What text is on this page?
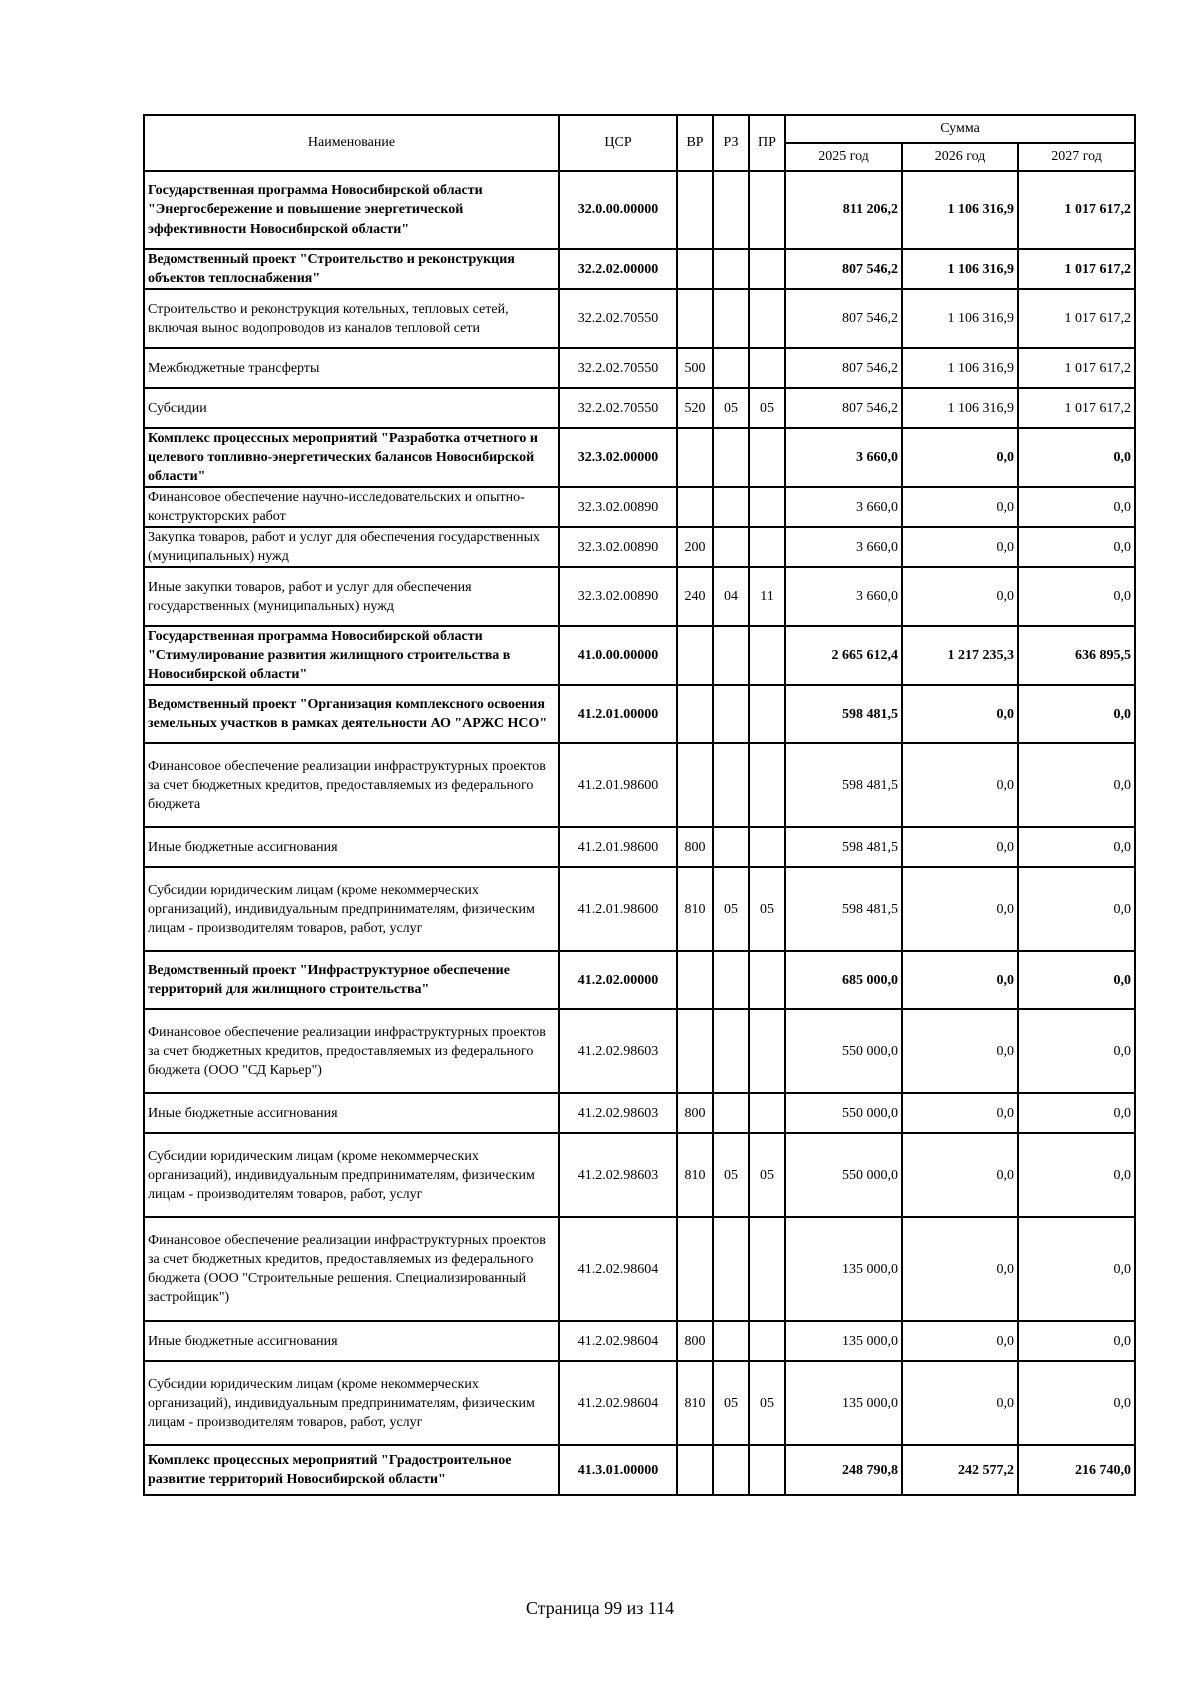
Наименование	ЦСР	ВР	РЗ	ПР	Сумма		
					2025 год	2026 год	2027 год
Государственная программа Новосибирской области "Энергосбережение и повышение энергетической эффективности Новосибирской области"	32.0.00.00000				811 206,2	1 106 316,9	1 017 617,2
Ведомственный проект "Строительство и реконструкция объектов теплоснабжения"	32.2.02.00000				807 546,2	1 106 316,9	1 017 617,2
Строительство и реконструкция котельных, тепловых сетей, включая вынос водопроводов из каналов тепловой сети	32.2.02.70550				807 546,2	1 106 316,9	1 017 617,2
Межбюджетные трансферты	32.2.02.70550	500			807 546,2	1 106 316,9	1 017 617,2
Субсидии	32.2.02.70550	520	05	05	807 546,2	1 106 316,9	1 017 617,2
Комплекс процессных мероприятий "Разработка отчетного и целевого топливно-энергетических балансов Новосибирской области"	32.3.02.00000				3 660,0	0,0	0,0
Финансовое обеспечение научно-исследовательских и опытно-конструкторских работ	32.3.02.00890				3 660,0	0,0	0,0
Закупка товаров, работ и услуг для обеспечения государственных (муниципальных) нужд	32.3.02.00890	200			3 660,0	0,0	0,0
Иные закупки товаров, работ и услуг для обеспечения государственных (муниципальных) нужд	32.3.02.00890	240	04	11	3 660,0	0,0	0,0
Государственная программа Новосибирской области "Стимулирование развития жилищного строительства в Новосибирской области"	41.0.00.00000				2 665 612,4	1 217 235,3	636 895,5
Ведомственный проект "Организация комплексного освоения земельных участков в рамках деятельности АО "АРЖС НСО"	41.2.01.00000				598 481,5	0,0	0,0
Финансовое обеспечение реализации инфраструктурных проектов за счет бюджетных кредитов, предоставляемых из федерального бюджета	41.2.01.98600				598 481,5	0,0	0,0
Иные бюджетные ассигнования	41.2.01.98600	800			598 481,5	0,0	0,0
Субсидии юридическим лицам (кроме некоммерческих организаций), индивидуальным предпринимателям, физическим лицам - производителям товаров, работ, услуг	41.2.01.98600	810	05	05	598 481,5	0,0	0,0
Ведомственный проект "Инфраструктурное обеспечение территорий для жилищного строительства"	41.2.02.00000				685 000,0	0,0	0,0
Финансовое обеспечение реализации инфраструктурных проектов за счет бюджетных кредитов, предоставляемых из федерального бюджета (ООО "СД Карьер")	41.2.02.98603				550 000,0	0,0	0,0
Иные бюджетные ассигнования	41.2.02.98603	800			550 000,0	0,0	0,0
Субсидии юридическим лицам (кроме некоммерческих организаций), индивидуальным предпринимателям, физическим лицам - производителям товаров, работ, услуг	41.2.02.98603	810	05	05	550 000,0	0,0	0,0
Финансовое обеспечение реализации инфраструктурных проектов за счет бюджетных кредитов, предоставляемых из федерального бюджета (ООО "Строительные решения. Специализированный застройщик")	41.2.02.98604				135 000,0	0,0	0,0
Иные бюджетные ассигнования	41.2.02.98604	800			135 000,0	0,0	0,0
Субсидии юридическим лицам (кроме некоммерческих организаций), индивидуальным предпринимателям, физическим лицам - производителям товаров, работ, услуг	41.2.02.98604	810	05	05	135 000,0	0,0	0,0
Комплекс процессных мероприятий "Градостроительное развитие территорий Новосибирской области"	41.3.01.00000				248 790,8	242 577,2	216 740,0
Страница 99 из 114
